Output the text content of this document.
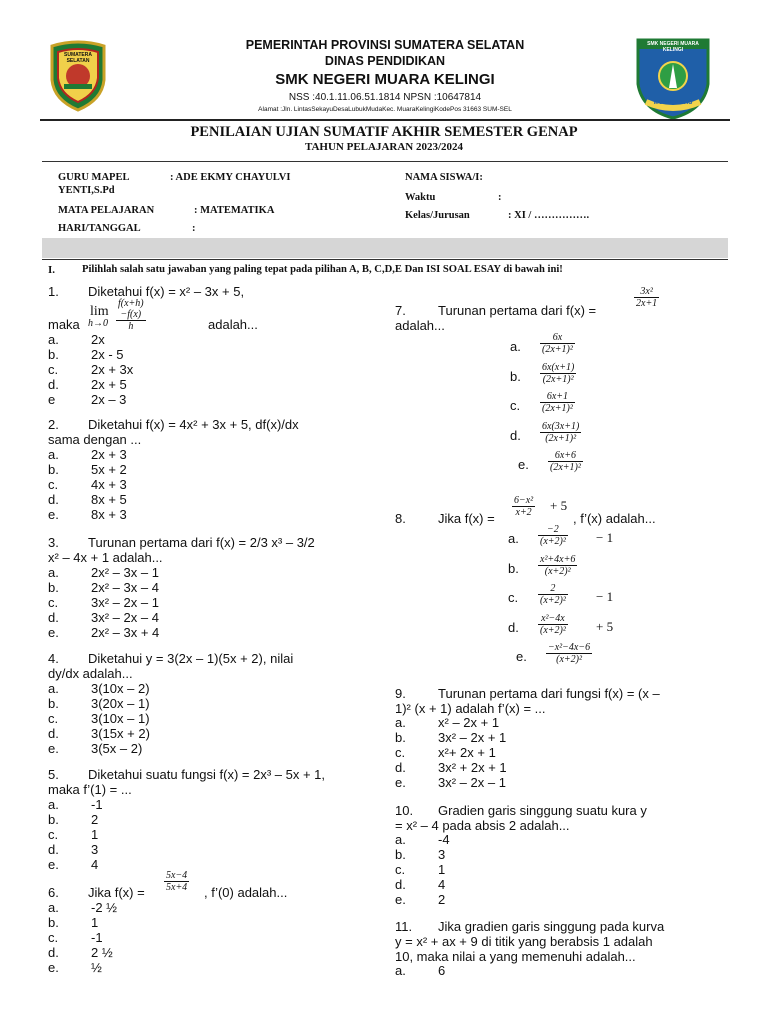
SUMATERA SELATAN
SMK NEGERI MUARA KELINGI
MUSI RAWAS
PEMERINTAH PROVINSI SUMATERA SELATAN
DINAS PENDIDIKAN
SMK NEGERI MUARA KELINGI
NSS :40.1.11.06.51.1814 NPSN :10647814
Alamat :Jln. LintasSekayuDesaLubukMudaKec. MuaraKelingiKodePos 31663 SUM-SEL
PENILAIAN UJIAN SUMATIF AKHIR SEMESTER GENAP
TAHUN PELAJARAN 2023/2024
GURU MAPEL	: ADE EKMY CHAYULVI
YENTI,S.Pd
MATA PELAJARAN	: MATEMATIKA
HARI/TANGGAL	:
NAMA SISWA/I:
Waktu	:
Kelas/Jurusan	: XI / …………….
I.	Pilihlah salah satu jawaban yang paling tepat pada pilihan A, B, C,D,E Dan ISI SOAL ESAY di bawah ini!
1. Diketahui f(x) = x² – 3x + 5,
lim
$h\to 0 \frac{f(x+h)-f(x)}{h}$
maka	adalah...
a. 2x
b. 2x - 5
c.	2x + 3x
d. 2x + 5
e	2x – 3
2. Diketahui f(x) = 4x² + 3x + 5, df(x)/dx
sama dengan ...
a. 2x + 3
b. 5x + 2
c.	4x + 3
d. 8x + 5
e. 8x + 3
3. Turunan pertama dari f(x) = 2/3 x³ – 3/2
x² – 4x + 1 adalah...
a. 2x² – 3x – 1
b. 2x² – 3x – 4
c.	3x² – 2x – 1
d. 3x² – 2x – 4
e. 2x² – 3x + 4
4. Diketahui y = 3(2x – 1)(5x + 2), nilai
dy/dx adalah...
a. 3(10x – 2)
b. 3(20x – 1)
c.	3(10x – 1)
d. 3(15x + 2)
e. 3(5x – 2)
5. Diketahui suatu fungsi f(x) = 2x³ – 5x + 1,
maka f’(1) = ...
a. -1
b. 2
c.	1
d. 3
e. 4
6. Jika $f(x) = \frac{5x-4}{5x+4}$ , f’(0) adalah...
a. -2 ½
b. 1
c.	-1
d. 2 ½
e. ½
7. Turunan pertama dari f(x) =
$\frac{\text{3x²}}{2x+1}$
adalah...
a. $\frac{6x}{\text{(2x+1)²}}$
b. $\frac{6x(x+1)}{\text{(2x+1)²}}$
c. $\frac{6x+1}{\text{(2x+1)²}}$
d. $\frac{6x(3x+1)}{\text{(2x+1)²}}$
e. $\frac{6x+6}{\text{(2x+1)²}}$
8. Jika f(x) =
$\frac{\text{6−x²}}{x+2} + 5$
, f’(x) adalah...
a. $\frac{-2}{\text{(x+2)²}} - 1$
b. $\frac{\text{x²+4x+6}}{\text{(x+2)²}}$
c. $\frac{2}{\text{(x+2)²}} - 1$
d. $\frac{\text{x²−4x}}{\text{(x+2)²}} + 5$
e. $\frac{\text{−x²−4x−6}}{\text{(x+2)²}}$
9. Turunan pertama dari fungsi f(x) = (x –
1)² (x + 1) adalah f’(x) = ...
a. x² – 2x + 1
b. 3x² – 2x + 1
c.	x²+ 2x + 1
d. 3x² + 2x + 1
e. 3x² – 2x – 1
10. Gradien garis singgung suatu kura y
= x² – 4 pada absis 2 adalah...
a. -4
b. 3
c.	1
d. 4
e. 2
11. Jika gradien garis singgung pada kurva
y = x² + ax + 9 di titik yang berabsis 1 adalah
10, maka nilai a yang memenuhi adalah...
a. 6
